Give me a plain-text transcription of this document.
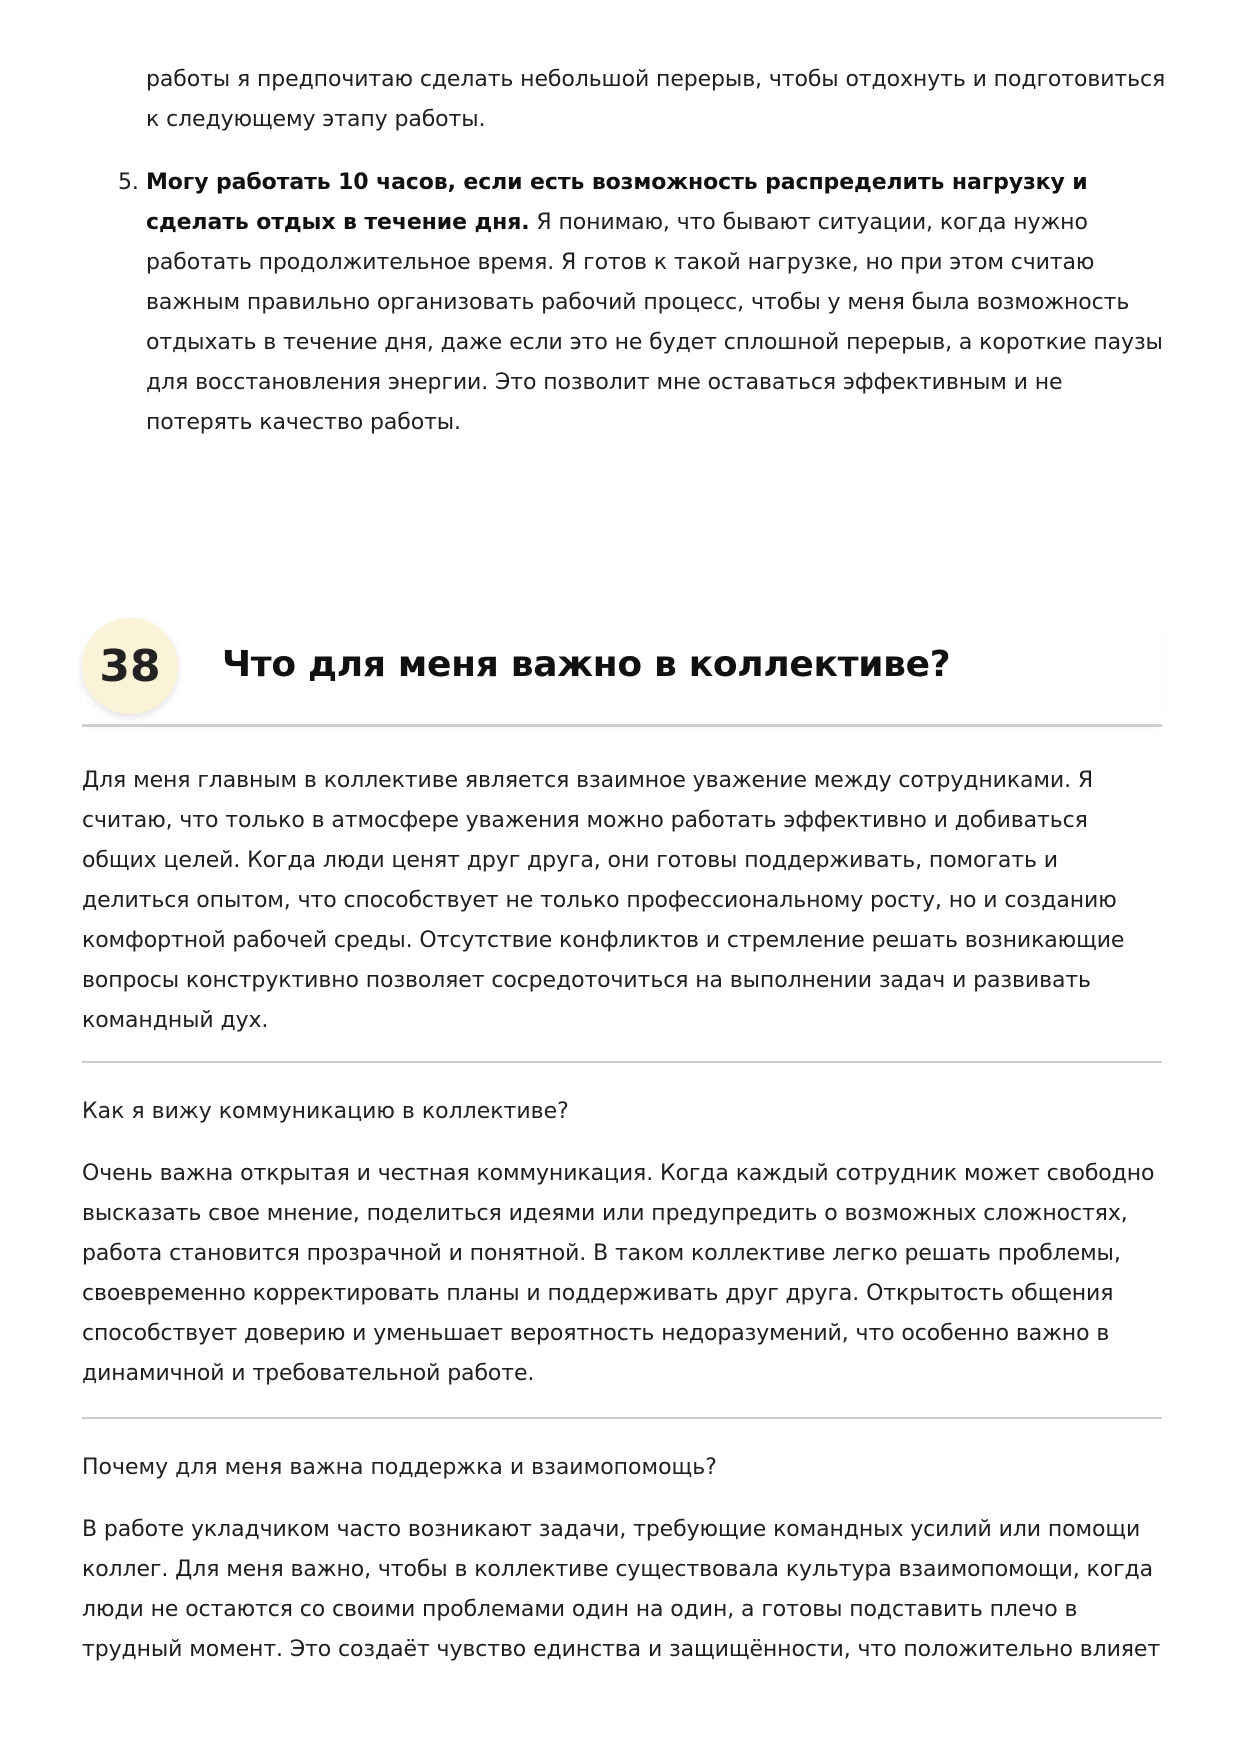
работы я предпочитаю сделать небольшой перерыв, чтобы отдохнуть и подготовиться к следующему этапу работы.

5. Могу работать 10 часов, если есть возможность распределить нагрузку и сделать отдых в течение дня. Я понимаю, что бывают ситуации, когда нужно работать продолжительное время. Я готов к такой нагрузке, но при этом считаю важным правильно организовать рабочий процесс, чтобы у меня была возможность отдыхать в течение дня, даже если это не будет сплошной перерыв, а короткие паузы для восстановления энергии. Это позволит мне оставаться эффективным и не потерять качество работы.
38	Что для меня важно в коллективе?

Для меня главным в коллективе является взаимное уважение между сотрудниками. Я считаю, что только в атмосфере уважения можно работать эффективно и добиваться общих целей. Когда люди ценят друг друга, они готовы поддерживать, помогать и делиться опытом, что способствует не только профессиональному росту, но и созданию комфортной рабочей среды. Отсутствие конфликтов и стремление решать возникающие вопросы конструктивно позволяет сосредоточиться на выполнении задач и развивать командный дух.

Как я вижу коммуникацию в коллективе?

Очень важна открытая и честная коммуникация. Когда каждый сотрудник может свободно высказать свое мнение, поделиться идеями или предупредить о возможных сложностях, работа становится прозрачной и понятной. В таком коллективе легко решать проблемы, своевременно корректировать планы и поддерживать друг друга. Открытость общения способствует доверию и уменьшает вероятность недоразумений, что особенно важно в динамичной и требовательной работе.

Почему для меня важна поддержка и взаимопомощь?

В работе укладчиком часто возникают задачи, требующие командных усилий или помощи коллег. Для меня важно, чтобы в коллективе существовала культура взаимопомощи, когда люди не остаются со своими проблемами один на один, а готовы подставить плечо в трудный момент. Это создаёт чувство единства и защищённости, что положительно влияет
